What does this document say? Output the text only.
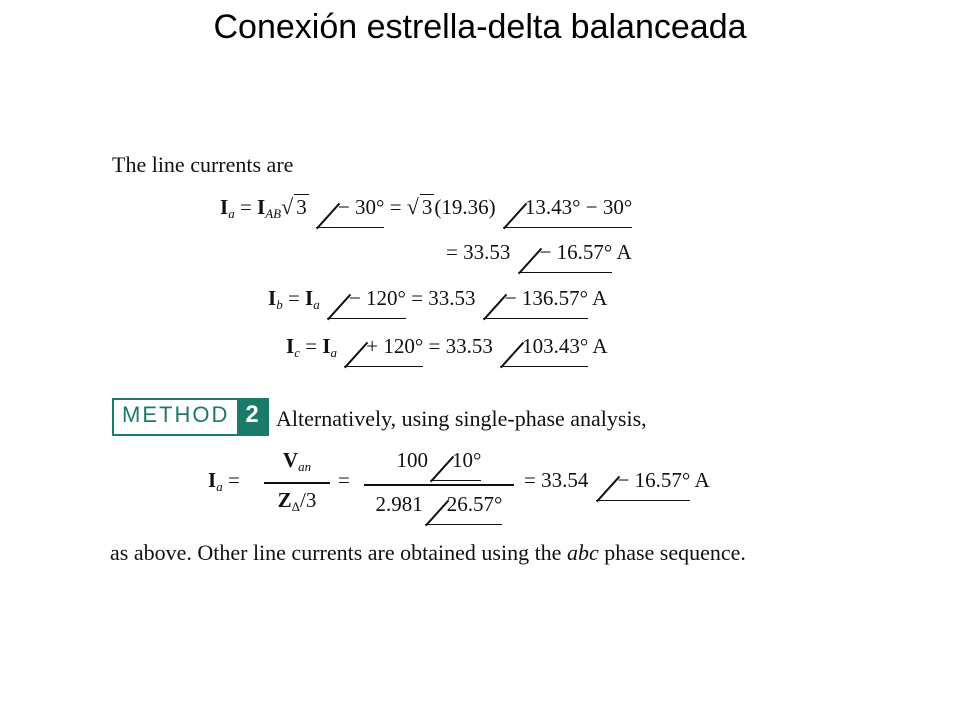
Conexión estrella-delta balanceada
The line currents are
$I_a = I_{AB}√$ 3 − 30° = √ 3(19.36) 13.43° − 30°
= 33.53 − 16.57° A
$I_b = I_a - 120^\circ = 33.53 - 136.57^\circ$ A
$I_c = I_a + 120^\circ = 33.53$ 103.43° A
METHOD 2 Alternatively, using single-phase analysis,
$I_a$ =
$V_{an}$
$Z_\Delta/3$
=
100 10°
2.981 26.57°
= 33.54 − 16.57° A
as above. Other line currents are obtained using the abc phase sequence.
